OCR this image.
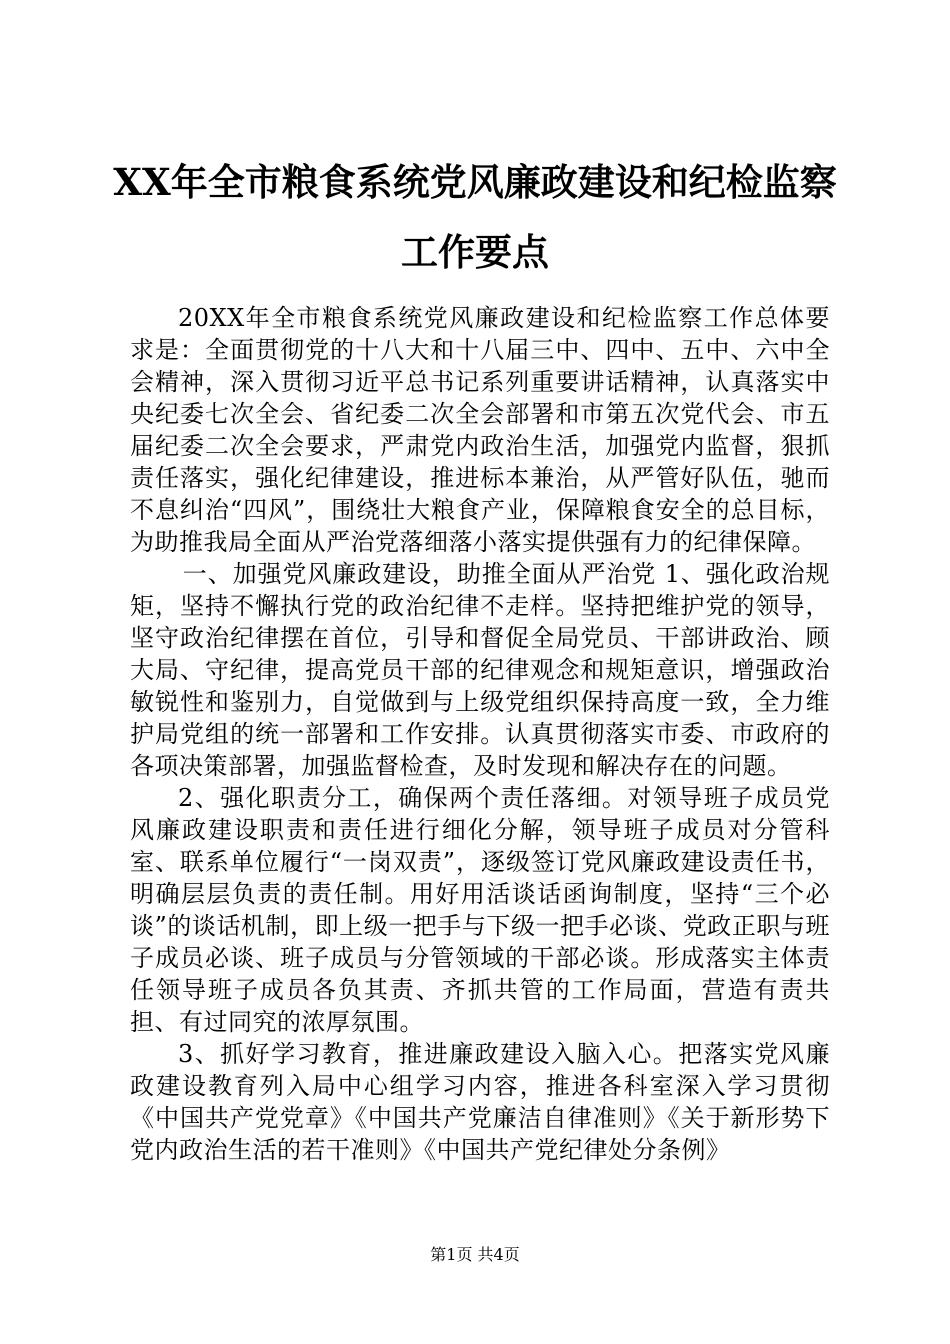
XX年全市粮食系统党风廉政建设和纪检监察
工作要点

20XX年全市粮食系统党风廉政建设和纪检监察工作总体要求是：全面贯彻党的十八大和十八届三中、四中、五中、六中全会精神，深入贯彻习近平总书记系列重要讲话精神，认真落实中央纪委七次全会、省纪委二次全会部署和市第五次党代会、市五届纪委二次全会要求，严肃党内政治生活，加强党内监督，狠抓责任落实，强化纪律建设，推进标本兼治，从严管好队伍，驰而不息纠治“四风”，围绕壮大粮食产业，保障粮食安全的总目标，为助推我局全面从严治党落细落小落实提供强有力的纪律保障。

一、加强党风廉政建设，助推全面从严治党 1、强化政治规矩，坚持不懈执行党的政治纪律不走样。坚持把维护党的领导，坚守政治纪律摆在首位，引导和督促全局党员、干部讲政治、顾大局、守纪律，提高党员干部的纪律观念和规矩意识，增强政治敏锐性和鉴别力，自觉做到与上级党组织保持高度一致，全力维护局党组的统一部署和工作安排。认真贯彻落实市委、市政府的各项决策部署，加强监督检查，及时发现和解决存在的问题。

2、强化职责分工，确保两个责任落细。对领导班子成员党风廉政建设职责和责任进行细化分解，领导班子成员对分管科室、联系单位履行“一岗双责”，逐级签订党风廉政建设责任书，明确层层负责的责任制。用好用活谈话函询制度，坚持“三个必谈”的谈话机制，即上级一把手与下级一把手必谈、党政正职与班子成员必谈、班子成员与分管领域的干部必谈。形成落实主体责任领导班子成员各负其责、齐抓共管的工作局面，营造有责共担、有过同究的浓厚氛围。

3、抓好学习教育，推进廉政建设入脑入心。把落实党风廉政建设教育列入局中心组学习内容，推进各科室深入学习贯彻《中国共产党党章》《中国共产党廉洁自律准则》《关于新形势下党内政治生活的若干准则》《中国共产党纪律处分条例》

第1页 共4页
